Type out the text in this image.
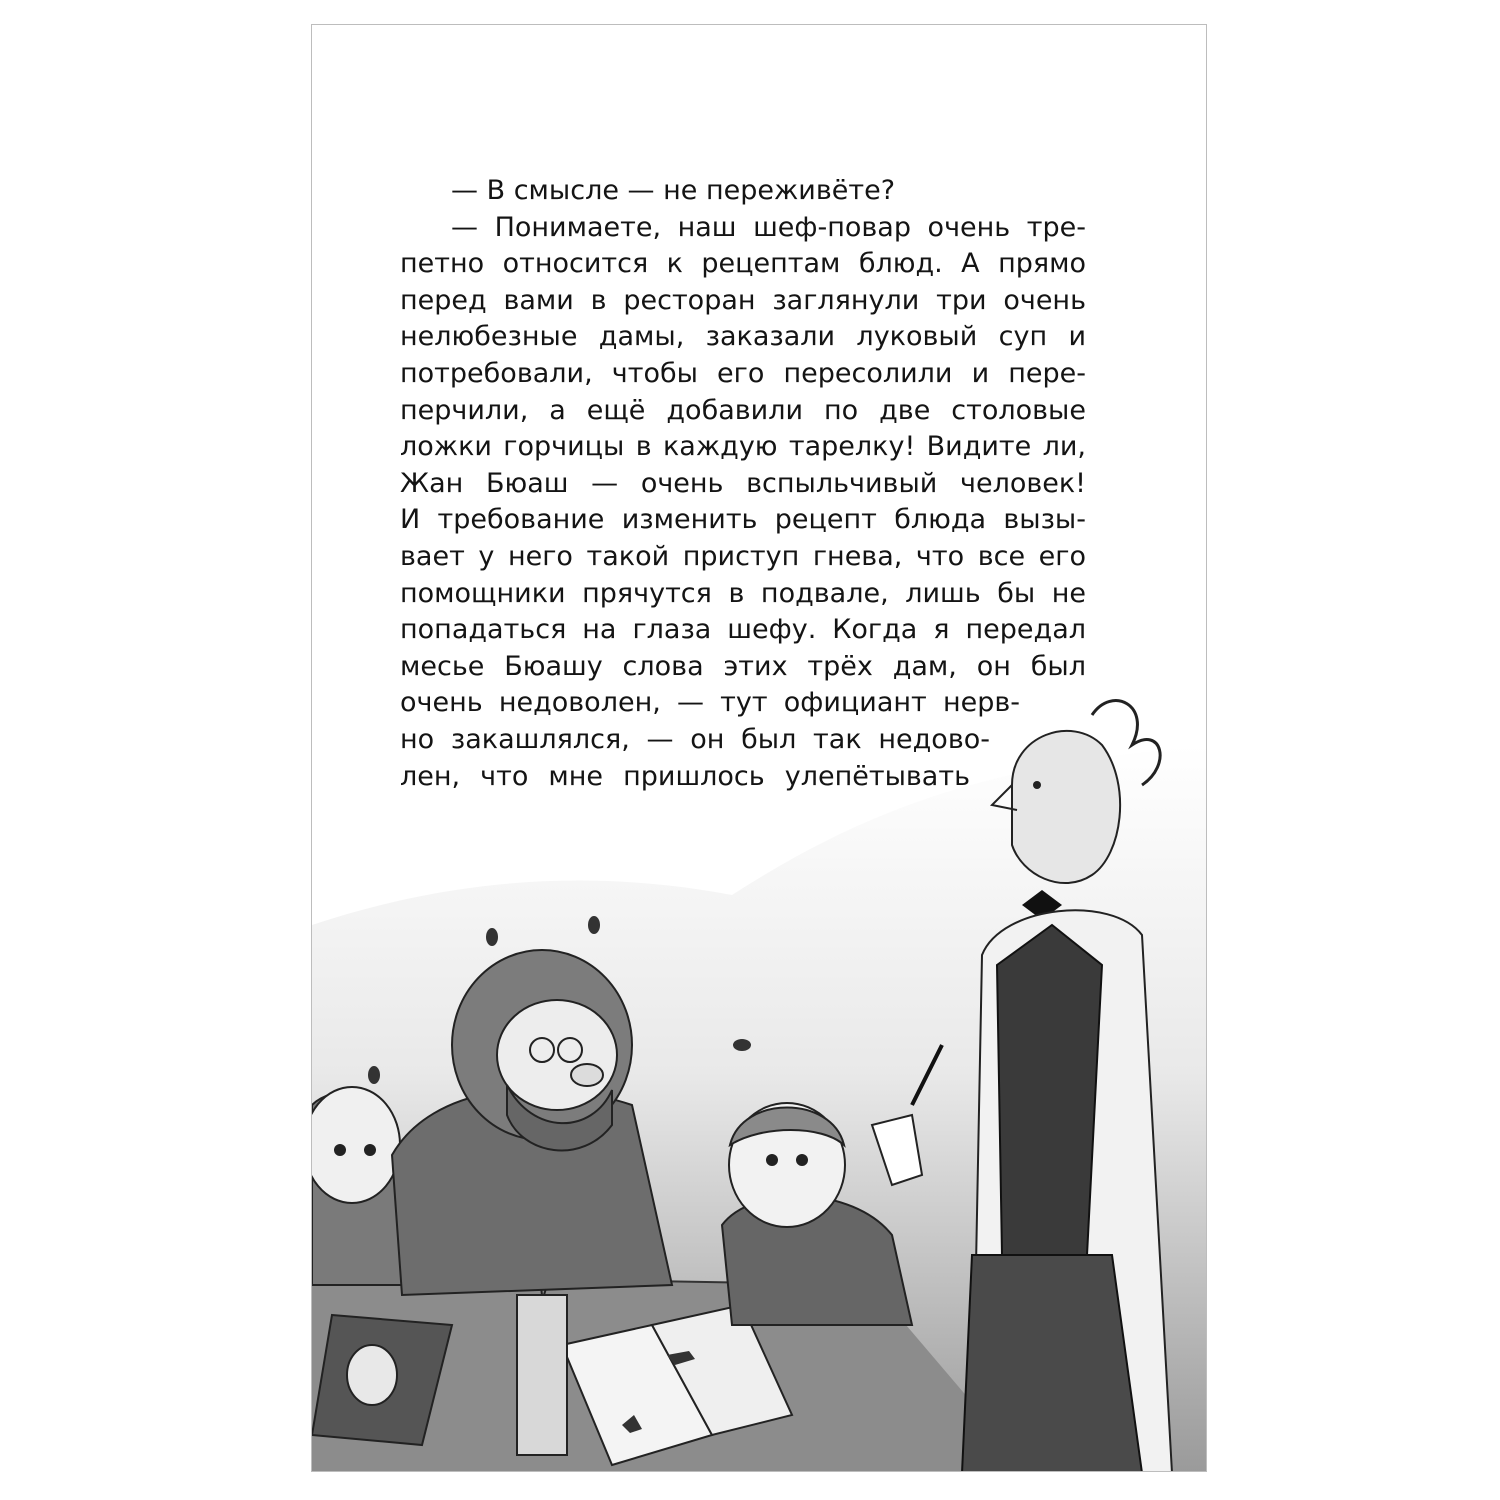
— В смысле — не переживёте?
— Понимаете, наш шеф-повар очень тре-
петно относится к рецептам блюд. А прямо
перед вами в ресторан заглянули три очень
нелюбезные дамы, заказали луковый суп и
потребовали, чтобы его пересолили и пере-
перчили, а ещё добавили по две столовые
ложки горчицы в каждую тарелку! Видите ли,
Жан Бюаш — очень вспыльчивый человек!
И требование изменить рецепт блюда вызы-
вает у него такой приступ гнева, что все его
помощники прячутся в подвале, лишь бы не
попадаться на глаза шефу. Когда я передал
месье Бюашу слова этих трёх дам, он был
очень недоволен, — тут официант нерв-
но закашлялся, — он был так недово-
лен, что мне пришлось улепётывать
